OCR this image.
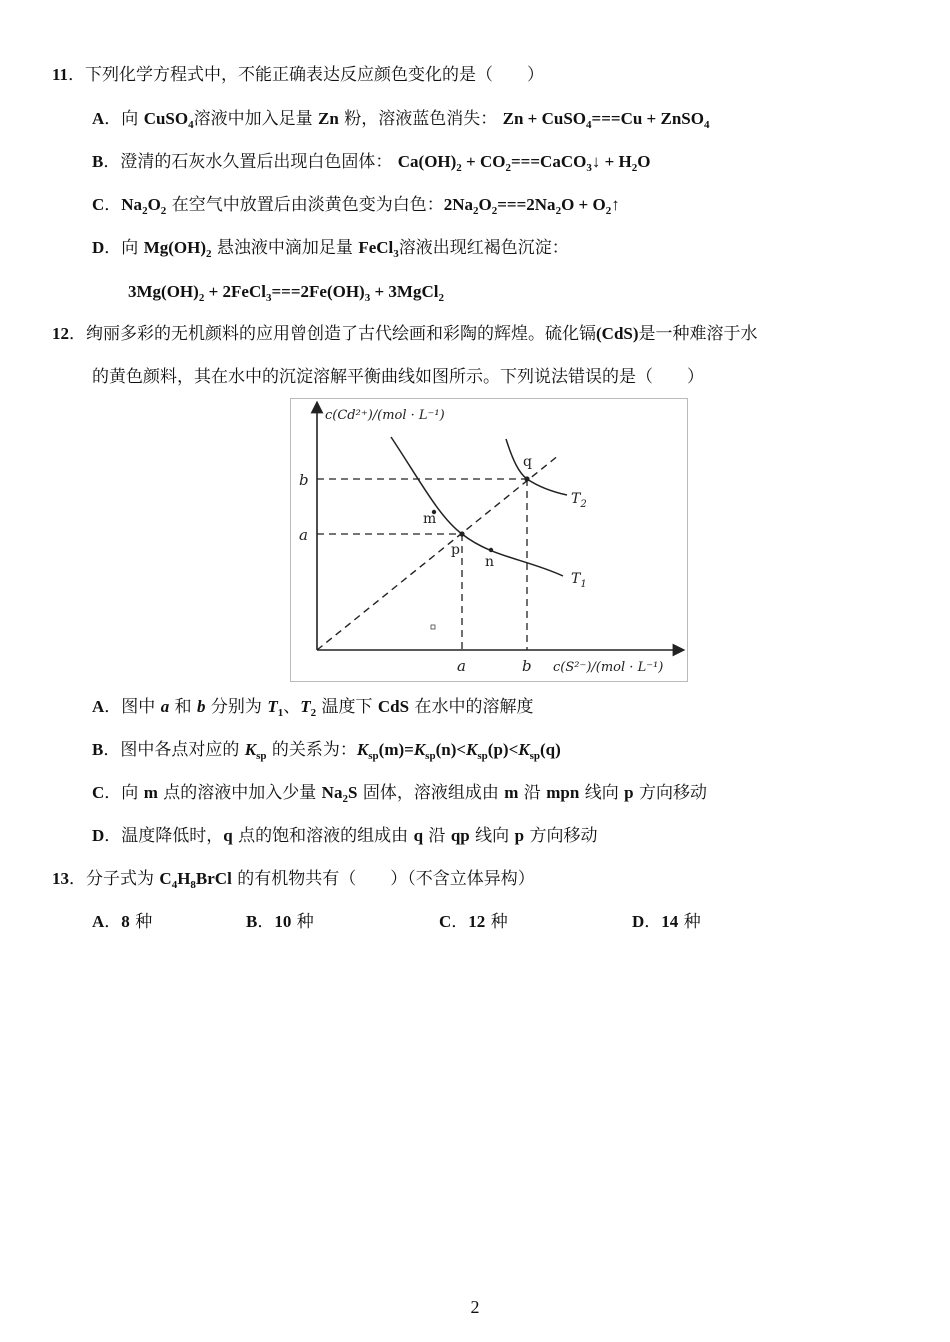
11．下列化学方程式中，不能正确表达反应颜色变化的是（　　）
A．向 CuSO$_4$溶液中加入足量 Zn 粉，溶液蓝色消失： Zn + CuSO$_4$===Cu + ZnSO$_4$
B．澄清的石灰水久置后出现白色固体： $Ca(OH)_2$ + $CO_2===CaCO_3↓ + H_2O$
C．$Na_2O_2$ 在空气中放置后由淡黄色变为白色：$2Na_2O_2===2Na_2O$ + $O_2↑$
D．向 $Mg(OH)_2$ 悬浊液中滴加足量 FeCl$_3$溶液出现红褐色沉淀：
$3Mg(OH)_2$ + $2FeCl_3===2Fe(OH)_3$ + 3MgCl$_2$
12．绚丽多彩的无机颜料的应用曾创造了古代绘画和彩陶的辉煌。硫化镉(CdS)是一种难溶于水
的黄色颜料，其在水中的沉淀溶解平衡曲线如图所示。下列说法错误的是（　　）
c(Cd²⁺)/(mol · L⁻¹)
c(S²⁻)/(mol · L⁻¹)
b
a
a	b
m
n
p
q
$T_2$
$T_1$
A．图中 a 和 b 分别为 $T_1$、$T_2$ 温度下 CdS 在水中的溶解度
B．图中各点对应的 $K_{sp}$ 的关系为：$K_{sp}(m)=K_{sp}(n)<K_{sp}(p)<K_{sp}(q)$
C．向 m 点的溶液中加入少量 $Na_2S$ 固体，溶液组成由 m 沿 mpn 线向 p 方向移动
D．温度降低时，q 点的饱和溶液的组成由 q 沿 qp 线向 p 方向移动
13．分子式为 $C_4H_8BrCl$ 的有机物共有（　　）（不含立体异构）
A．8 种	B．10 种	C．12 种	D．14 种
2
